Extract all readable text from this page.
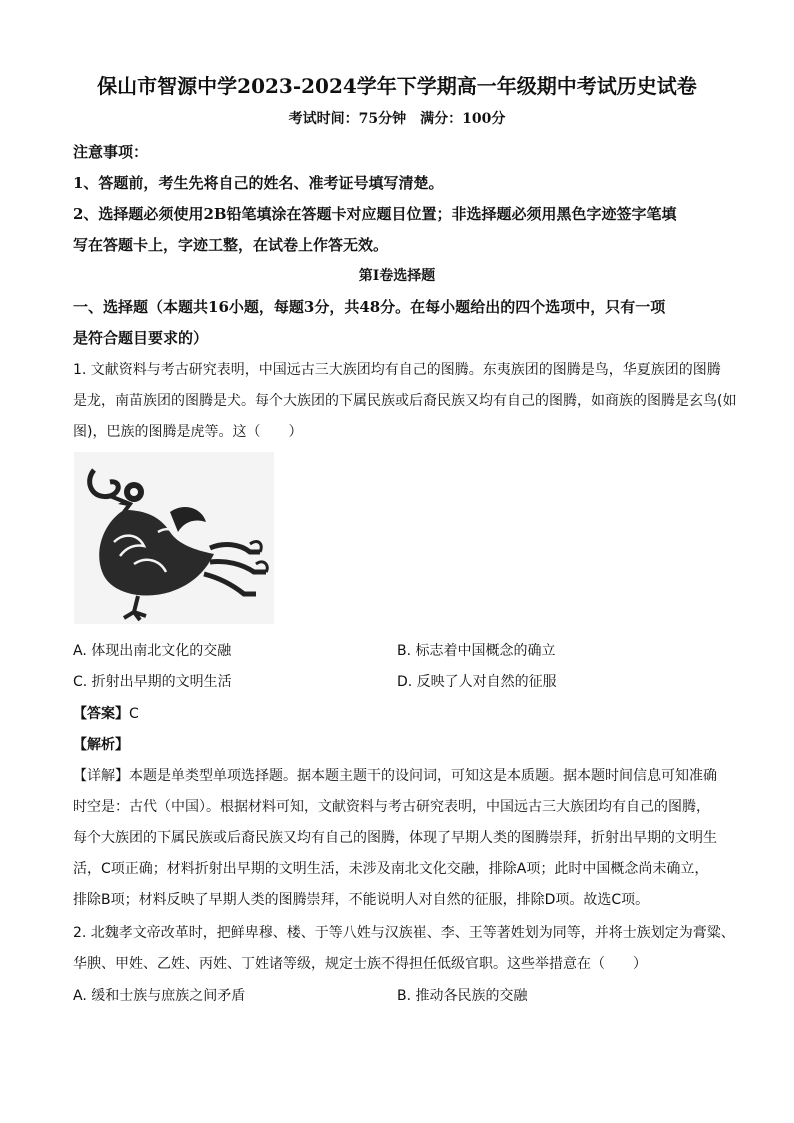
保山市智源中学2023-2024学年下学期高一年级期中考试历史试卷
考试时间：75分钟　满分：100分
注意事项：
1、答题前，考生先将自己的姓名、准考证号填写清楚。
2、选择题必须使用2B铅笔填涂在答题卡对应题目位置；非选择题必须用黑色字迹签字笔填
写在答题卡上，字迹工整，在试卷上作答无效。
第Ⅰ卷选择题
一、选择题（本题共16小题，每题3分，共48分。在每小题给出的四个选项中，只有一项
是符合题目要求的）
1. 文献资料与考古研究表明，中国远古三大族团均有自己的图腾。东夷族团的图腾是鸟，华夏族团的图腾
是龙，南苗族团的图腾是犬。每个大族团的下属民族或后裔民族又均有自己的图腾，如商族的图腾是玄鸟(如
图)，巴族的图腾是虎等。这（　　）
A. 体现出南北文化的交融	B. 标志着中国概念的确立
C. 折射出早期的文明生活	D. 反映了人对自然的征服
【答案】C
【解析】
【详解】本题是单类型单项选择题。据本题主题干的设问词，可知这是本质题。据本题时间信息可知准确
时空是：古代（中国）。根据材料可知，文献资料与考古研究表明，中国远古三大族团均有自己的图腾，
每个大族团的下属民族或后裔民族又均有自己的图腾，体现了早期人类的图腾崇拜，折射出早期的文明生
活，C项正确；材料折射出早期的文明生活，未涉及南北文化交融，排除A项；此时中国概念尚未确立，
排除B项；材料反映了早期人类的图腾崇拜，不能说明人对自然的征服，排除D项。故选C项。
2. 北魏孝文帝改革时，把鲜卑穆、楼、于等八姓与汉族崔、李、王等著姓划为同等，并将士族划定为膏粱、
华腴、甲姓、乙姓、丙姓、丁姓诸等级，规定士族不得担任低级官职。这些举措意在（　　）
A. 缓和士族与庶族之间矛盾	B. 推动各民族的交融
